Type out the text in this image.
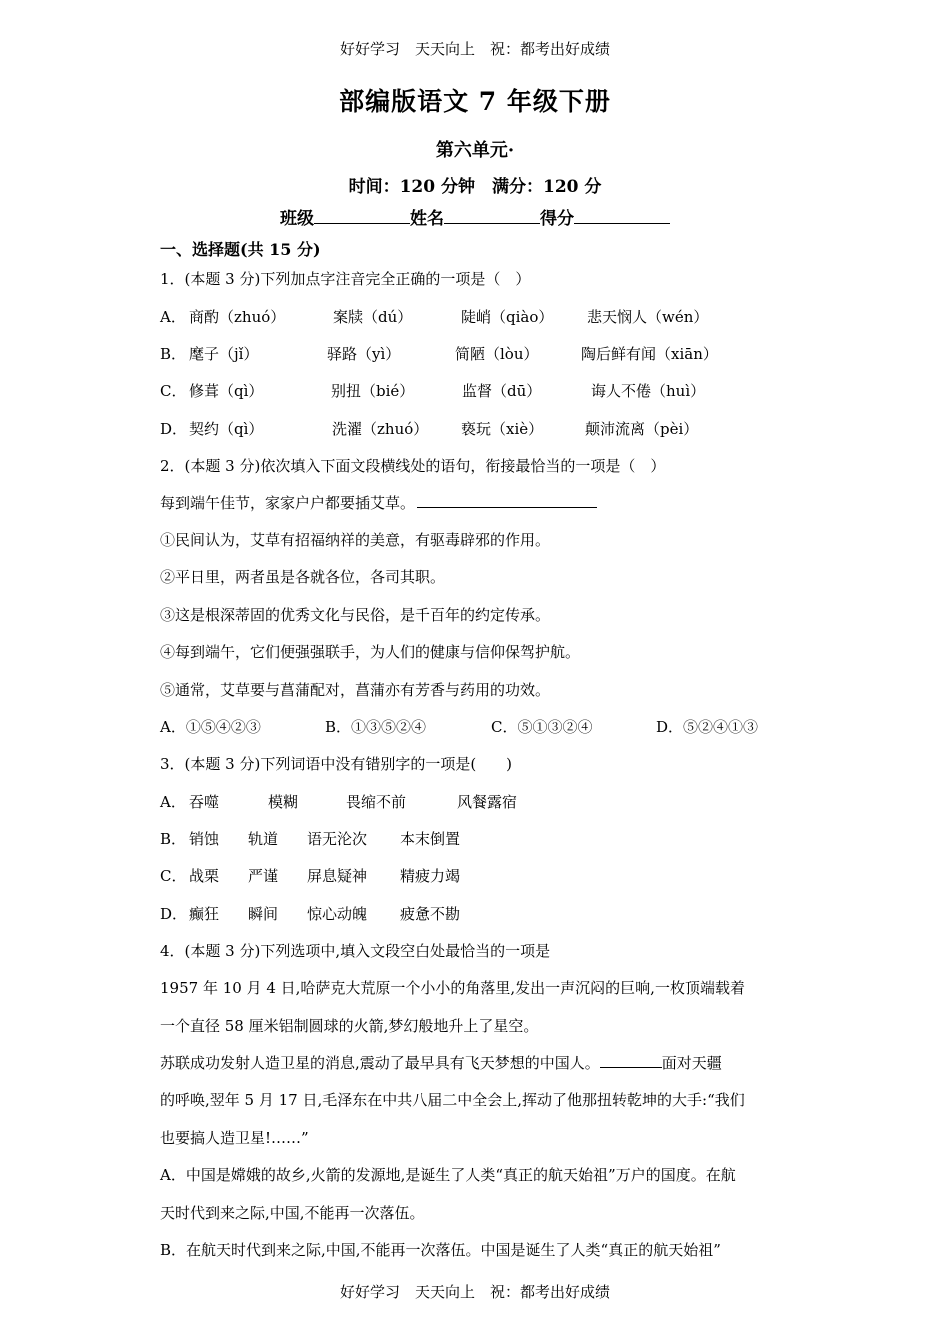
好好学习　天天向上　祝：都考出好成绩
部编版语文 7 年级下册
第六单元·
时间：120 分钟　满分：120 分
班级	姓名	得分
一、选择题(共 15 分)
1．(本题 3 分)下列加点字注音完全正确的一项是（　）
A． 商酌（zhuó）	案牍（dú）	陡峭（qiào） 悲天悯人（wén）
B． 麾子（jǐ）	驿路（yì）	简陋（lòu）	陶后鲜有闻（xiān）
C． 修葺（qì）	别扭（bié）	监督（dū）	诲人不倦（huì）
D． 契约（qì）	洗濯（zhuó） 亵玩（xiè）	颠沛流离（pèi）
2．(本题 3 分)依次填入下面文段横线处的语句，衔接最恰当的一项是（　）
每到端午佳节，家家户户都要插艾草。
①民间认为，艾草有招福纳祥的美意，有驱毒辟邪的作用。
②平日里，两者虽是各就各位，各司其职。
③这是根深蒂固的优秀文化与民俗，是千百年的约定传承。
④每到端午，它们便强强联手，为人们的健康与信仰保驾护航。
⑤通常，艾草要与菖蒲配对，菖蒲亦有芳香与药用的功效。
A．①⑤④②③	B．①③⑤②④	C．⑤①③②④	D．⑤②④①③
3．(本题 3 分)下列词语中没有错别字的一项是(　　)
A． 吞噬	模糊	畏缩不前	风餐露宿
B． 销蚀 轨道 语无沦次 本末倒置
C． 战栗 严谨 屏息疑神 精疲力竭
D． 癫狂 瞬间 惊心动魄 疲惫不勘
4．(本题 3 分)下列选项中,填入文段空白处最恰当的一项是
1957 年 10 月 4 日,哈萨克大荒原一个小小的角落里,发出一声沉闷的巨响,一枚顶端载着
一个直径 58 厘米铝制圆球的火箭,梦幻般地升上了星空。
苏联成功发射人造卫星的消息,震动了最早具有飞天梦想的中国人。	面对天疆
的呼唤,翌年 5 月 17 日,毛泽东在中共八届二中全会上,挥动了他那扭转乾坤的大手:“我们
也要搞人造卫星!……”
A．中国是嫦娥的故乡,火箭的发源地,是诞生了人类“真正的航天始祖”万户的国度。在航
天时代到来之际,中国,不能再一次落伍。
B．在航天时代到来之际,中国,不能再一次落伍。中国是诞生了人类“真正的航天始祖”
好好学习　天天向上　祝：都考出好成绩
